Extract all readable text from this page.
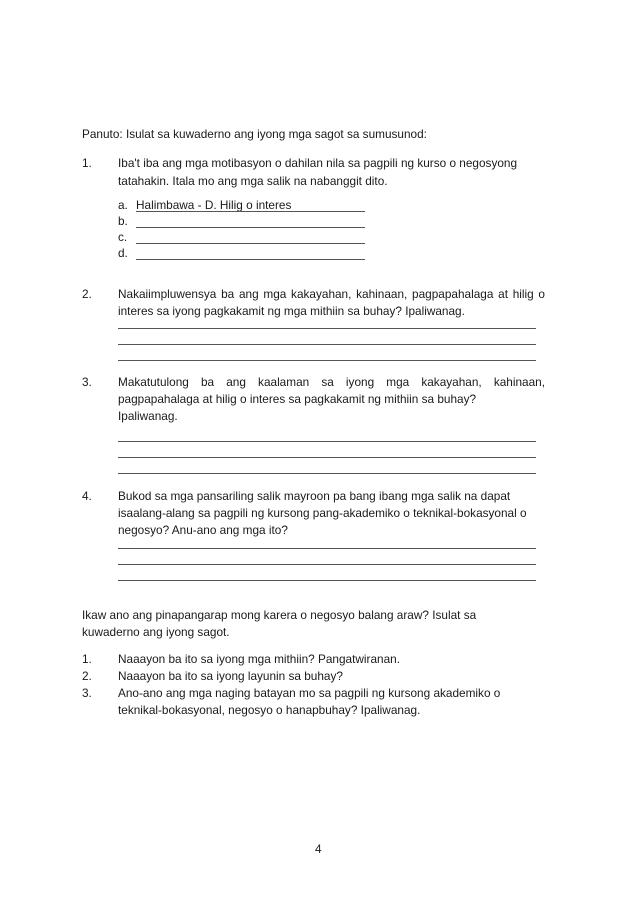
Panuto: Isulat sa kuwaderno ang iyong mga sagot sa sumusunod:
1. Iba't iba ang mga motibasyon o dahilan nila sa pagpili ng kurso o negosyong
tatahakin. Itala mo ang mga salik na nabanggit dito.
a. Halimbawa - D. Hilig o interes
b.
c.
d.
2. Nakaiimpluwensya ba ang mga kakayahan, kahinaan, pagpapahalaga at hilig o
interes sa iyong pagkakamit ng mga mithiin sa buhay? Ipaliwanag.
3. Makatutulong ba ang kaalaman sa iyong mga kakayahan, kahinaan,
pagpapahalaga at hilig o interes sa pagkakamit ng mithiin sa buhay?
Ipaliwanag.
4. Bukod sa mga pansariling salik mayroon pa bang ibang mga salik na dapat
isaalang-alang sa pagpili ng kursong pang-akademiko o teknikal-bokasyonal o
negosyo? Anu-ano ang mga ito?
Ikaw ano ang pinapangarap mong karera o negosyo balang araw? Isulat sa
kuwaderno ang iyong sagot.
1. Naaayon ba ito sa iyong mga mithiin? Pangatwiranan.
2. Naaayon ba ito sa iyong layunin sa buhay?
3. Ano-ano ang mga naging batayan mo sa pagpili ng kursong akademiko o
teknikal-bokasyonal, negosyo o hanapbuhay? Ipaliwanag.
4
